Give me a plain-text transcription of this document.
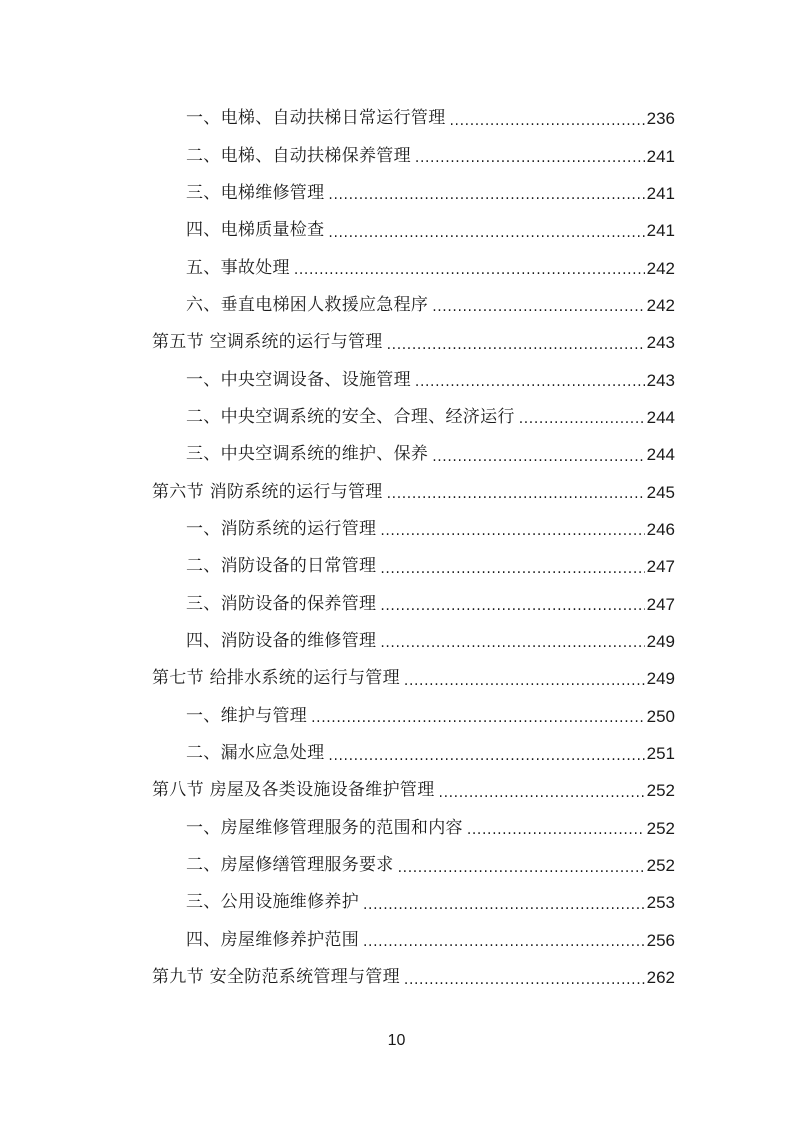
一、电梯、自动扶梯日常运行管理 .....	236
二、电梯、自动扶梯保养管理 .....	241
三、电梯维修管理 .....	241
四、电梯质量检查 .....	241
五、事故处理 .....	242
六、垂直电梯困人救援应急程序 .....	242
第五节 空调系统的运行与管理 .....	243
一、中央空调设备、设施管理 .....	243
二、中央空调系统的安全、合理、经济运行 .....	244
三、中央空调系统的维护、保养 .....	244
第六节 消防系统的运行与管理 .....	245
一、消防系统的运行管理 .....	246
二、消防设备的日常管理 .....	247
三、消防设备的保养管理 .....	247
四、消防设备的维修管理 .....	249
第七节 给排水系统的运行与管理 .....	249
一、维护与管理 .....	250
二、漏水应急处理 .....	251
第八节 房屋及各类设施设备维护管理 .....	252
一、房屋维修管理服务的范围和内容 .....	252
二、房屋修缮管理服务要求 .....	252
三、公用设施维修养护 .....	253
四、房屋维修养护范围 .....	256
第九节 安全防范系统管理与管理 .....	262
10
